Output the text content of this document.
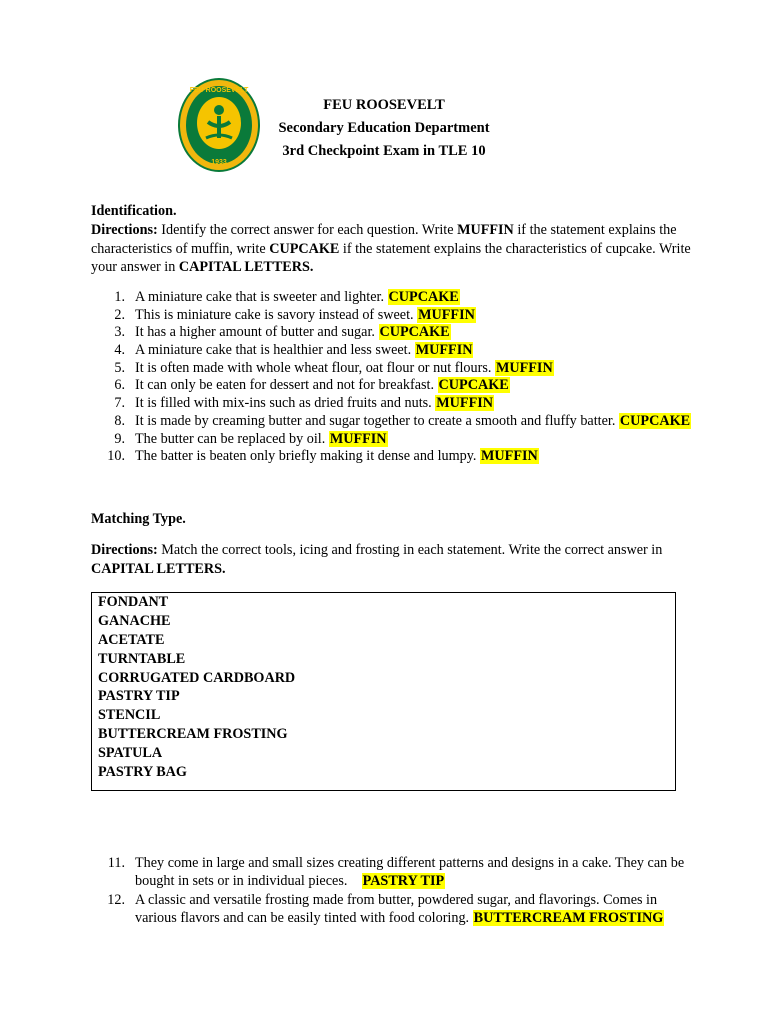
FEU ROOSEVELT
1933
FEU ROOSEVELT
Secondary Education Department
3rd Checkpoint Exam in TLE 10
Identification.
Directions: Identify the correct answer for each question. Write MUFFIN if the statement explains the characteristics of muffin, write CUPCAKE if the statement explains the characteristics of cupcake. Write your answer in CAPITAL LETTERS.
1. A miniature cake that is sweeter and lighter. CUPCAKE
2. This is miniature cake is savory instead of sweet. MUFFIN
3. It has a higher amount of butter and sugar. CUPCAKE
4. A miniature cake that is healthier and less sweet. MUFFIN
5. It is often made with whole wheat flour, oat flour or nut flours. MUFFIN
6. It can only be eaten for dessert and not for breakfast. CUPCAKE
7. It is filled with mix-ins such as dried fruits and nuts. MUFFIN
8. It is made by creaming butter and sugar together to create a smooth and fluffy batter. CUPCAKE
9. The butter can be replaced by oil. MUFFIN
10. The batter is beaten only briefly making it dense and lumpy. MUFFIN
Matching Type.
Directions: Match the correct tools, icing and frosting in each statement. Write the correct answer in
CAPITAL LETTERS.
FONDANT
GANACHE
ACETATE
TURNTABLE
CORRUGATED CARDBOARD
PASTRY TIP
STENCIL
BUTTERCREAM FROSTING
SPATULA
PASTRY BAG
11. They come in large and small sizes creating different patterns and designs in a cake. They can be bought in sets or in individual pieces.    PASTRY TIP
12. A classic and versatile frosting made from butter, powdered sugar, and flavorings. Comes in various flavors and can be easily tinted with food coloring. BUTTERCREAM FROSTING
